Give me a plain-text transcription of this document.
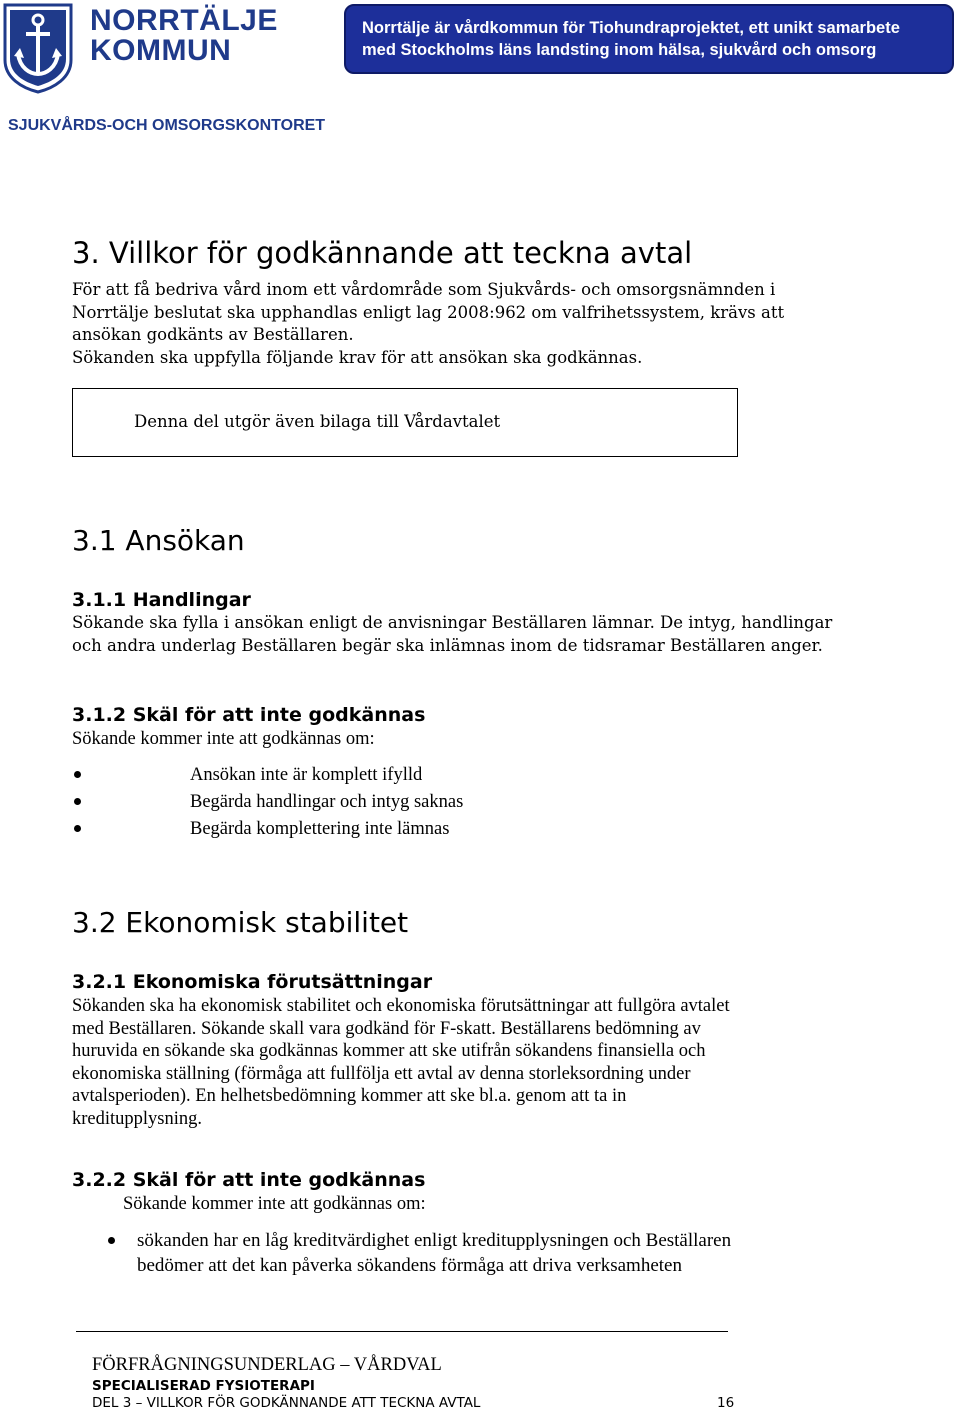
NORRTÄLJE
KOMMUN
Norrtälje är vårdkommun för Tiohundraprojektet, ett unikt samarbete
med Stockholms läns landsting inom hälsa, sjukvård och omsorg
SJUKVÅRDS-OCH OMSORGSKONTORET
3. Villkor för godkännande att teckna avtal
För att få bedriva vård inom ett vårdområde som Sjukvårds- och omsorgsnämnden i
Norrtälje beslutat ska upphandlas enligt lag 2008:962 om valfrihetssystem, krävs att
ansökan godkänts av Beställaren.
Sökanden ska uppfylla följande krav för att ansökan ska godkännas.
Denna del utgör även bilaga till Vårdavtalet
3.1 Ansökan
3.1.1 Handlingar
Sökande ska fylla i ansökan enligt de anvisningar Beställaren lämnar. De intyg, handlingar
och andra underlag Beställaren begär ska inlämnas inom de tidsramar Beställaren anger.
3.1.2 Skäl för att inte godkännas
Sökande kommer inte att godkännas om:
Ansökan inte är komplett ifylld
Begärda handlingar och intyg saknas
Begärda komplettering inte lämnas
3.2 Ekonomisk stabilitet
3.2.1 Ekonomiska förutsättningar
Sökanden ska ha ekonomisk stabilitet och ekonomiska förutsättningar att fullgöra avtalet
med Beställaren. Sökande skall vara godkänd för F-skatt. Beställarens bedömning av
huruvida en sökande ska godkännas kommer att ske utifrån sökandens finansiella och
ekonomiska ställning (förmåga att fullfölja ett avtal av denna storleksordning under
avtalsperioden). En helhetsbedömning kommer att ske bl.a. genom att ta in
kreditupplysning.
3.2.2 Skäl för att inte godkännas
Sökande kommer inte att godkännas om:
sökanden har en låg kreditvärdighet enligt kreditupplysningen och Beställaren
bedömer att det kan påverka sökandens förmåga att driva verksamheten
FÖRFRÅGNINGSUNDERLAG – VÅRDVAL
SPECIALISERAD FYSIOTERAPI
DEL 3 – VILLKOR FÖR GODKÄNNANDE ATT TECKNA AVTAL	16
